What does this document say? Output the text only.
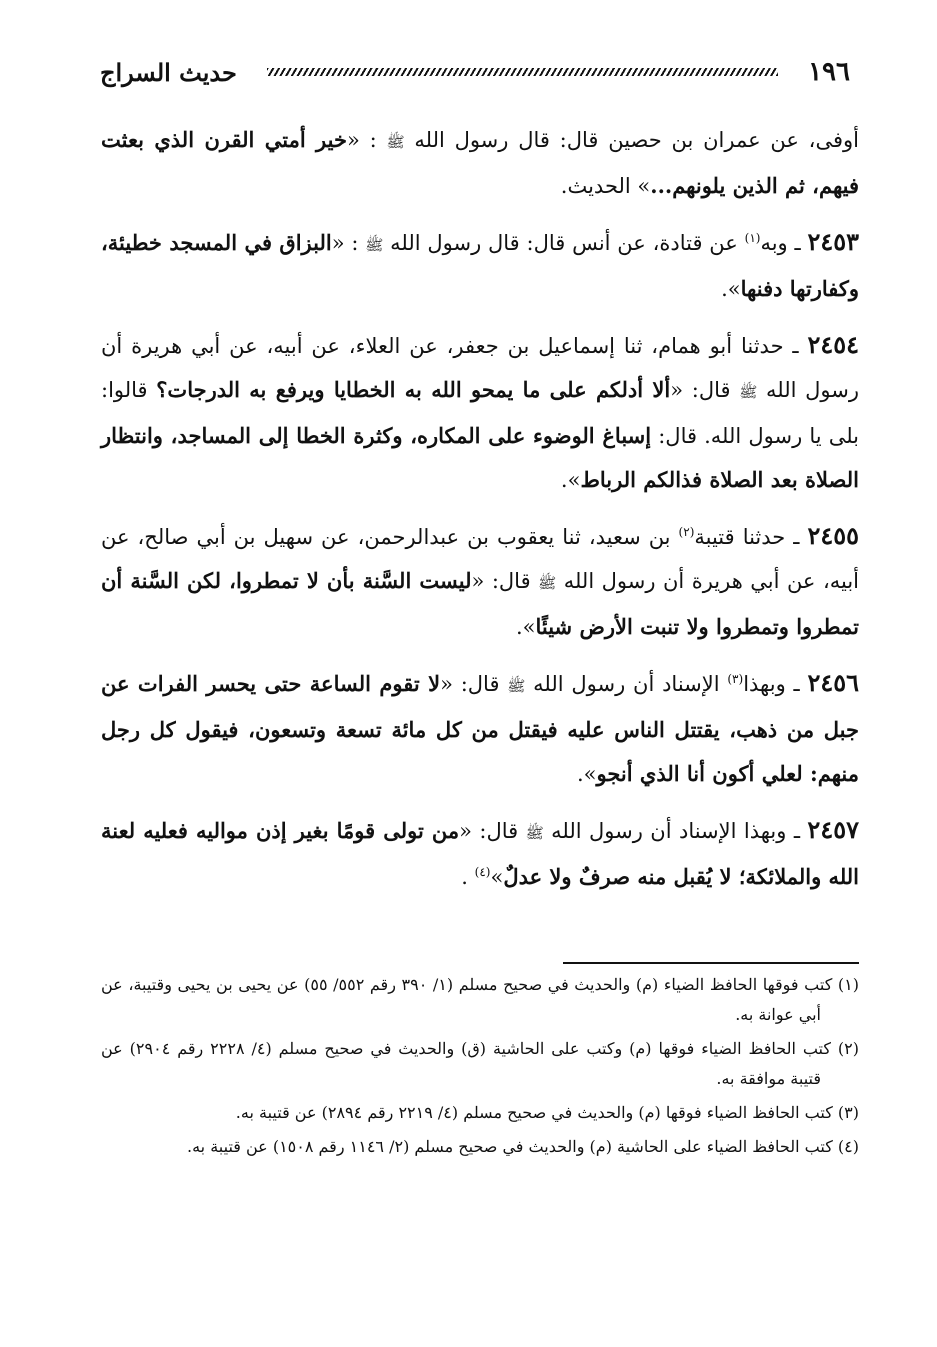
١٩٦
حديث السراج

أوفى، عن عمران بن حصين قال: قال رسول الله ﷺ : «خير أمتي القرن الذي بعثت فيهم، ثم الذين يلونهم...» الحديث.

٢٤٥٣ ـ وبه$^{(١)}$ عن قتادة، عن أنس قال: قال رسول الله ﷺ : «البزاق في المسجد خطيئة، وكفارتها دفنها».

٢٤٥٤ ـ حدثنا أبو همام، ثنا إسماعيل بن جعفر، عن العلاء، عن أبيه، عن أبي هريرة أن رسول الله ﷺ قال: «ألا أدلكم على ما يمحو الله به الخطايا ويرفع به الدرجات؟ قالوا: بلى يا رسول الله. قال: إسباغ الوضوء على المكاره، وكثرة الخطا إلى المساجد، وانتظار الصلاة بعد الصلاة فذالكم الرباط».

٢٤٥٥ ـ حدثنا قتيبة$^{(٢)}$ بن سعيد، ثنا يعقوب بن عبدالرحمن، عن سهيل بن أبي صالح، عن أبيه، عن أبي هريرة أن رسول الله ﷺ قال: «ليست السَّنة بأن لا تمطروا، لكن السَّنة أن تمطروا وتمطروا ولا تنبت الأرض شيئًا».

٢٤٥٦ ـ وبهذا$^{(٣)}$ الإسناد أن رسول الله ﷺ قال: «لا تقوم الساعة حتى يحسر الفرات عن جبل من ذهب، يقتتل الناس عليه فيقتل من كل مائة تسعة وتسعون، فيقول كل رجل منهم: لعلي أكون أنا الذي أنجو».

٢٤٥٧ ـ وبهذا الإسناد أن رسول الله ﷺ قال: «من تولى قومًا بغير إذن مواليه فعليه لعنة الله والملائكة؛ لا يُقبل منه صرفٌ ولا عدلٌ»$^{(٤)}$ .

(١) كتب فوقها الحافظ الضياء (م) والحديث في صحيح مسلم (١/ ٣٩٠ رقم ٥٥٢/ ٥٥) عن يحيى بن يحيى وقتيبة، عن أبي عوانة به.

(٢) كتب الحافظ الضياء فوقها (م) وكتب على الحاشية (ق) والحديث في صحيح مسلم (٤/ ٢٢٢٨ رقم ٢٩٠٤) عن قتيبة موافقة به.

(٣) كتب الحافظ الضياء فوقها (م) والحديث في صحيح مسلم (٤/ ٢٢١٩ رقم ٢٨٩٤) عن قتيبة به.

(٤) كتب الحافظ الضياء على الحاشية (م) والحديث في صحيح مسلم (٢/ ١١٤٦ رقم ١٥٠٨) عن قتيبة به.
